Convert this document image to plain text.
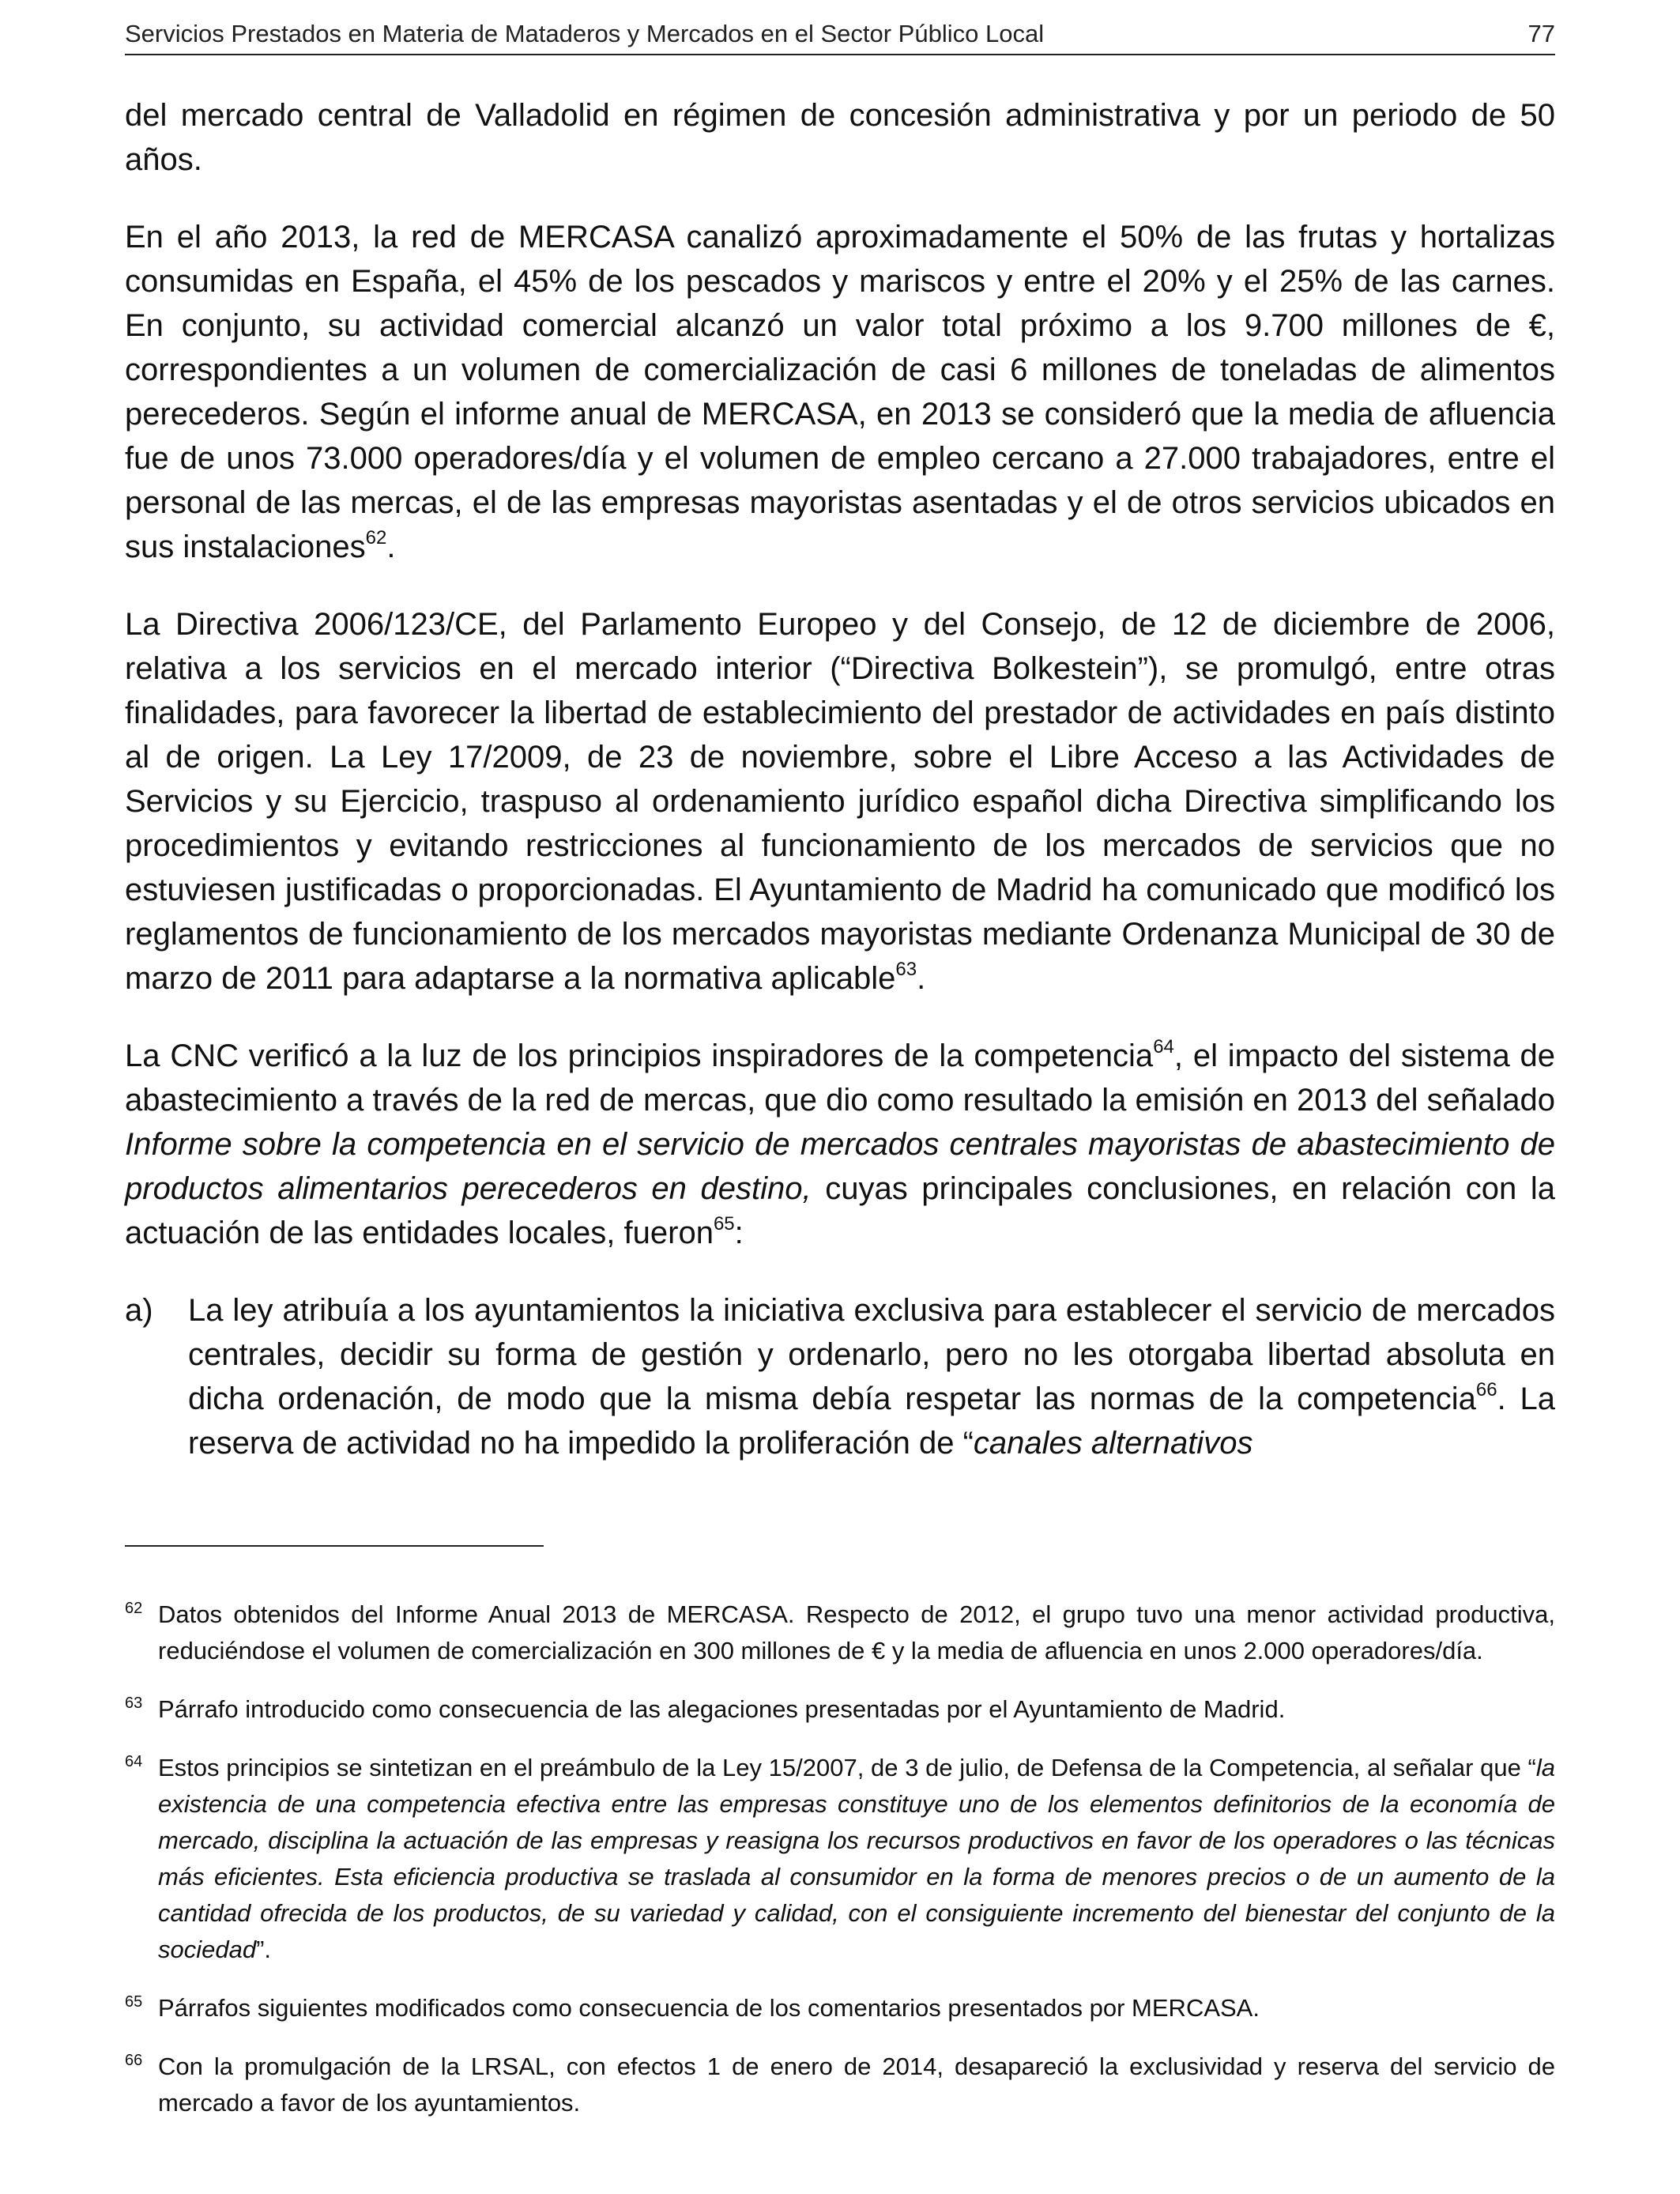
Servicios Prestados en Materia de Mataderos y Mercados en el Sector Público Local	77

del mercado central de Valladolid en régimen de concesión administrativa y por un periodo de 50 años.

En el año 2013, la red de MERCASA canalizó aproximadamente el 50% de las frutas y hortalizas consumidas en España, el 45% de los pescados y mariscos y entre el 20% y el 25% de las carnes. En conjunto, su actividad comercial alcanzó un valor total próximo a los 9.700 millones de €, correspondientes a un volumen de comercialización de casi 6 millones de toneladas de alimentos perecederos. Según el informe anual de MERCASA, en 2013 se consideró que la media de afluencia fue de unos 73.000 operadores/día y el volumen de empleo cercano a 27.000 trabajadores, entre el personal de las mercas, el de las empresas mayoristas asentadas y el de otros servicios ubicados en sus instalaciones$^{62}$.

La Directiva 2006/123/CE, del Parlamento Europeo y del Consejo, de 12 de diciembre de 2006, relativa a los servicios en el mercado interior (“Directiva Bolkestein”), se promulgó, entre otras finalidades, para favorecer la libertad de establecimiento del prestador de actividades en país distinto al de origen. La Ley 17/2009, de 23 de noviembre, sobre el Libre Acceso a las Actividades de Servicios y su Ejercicio, traspuso al ordenamiento jurídico español dicha Directiva simplificando los procedimientos y evitando restricciones al funcionamiento de los mercados de servicios que no estuviesen justificadas o proporcionadas. El Ayuntamiento de Madrid ha comunicado que modificó los reglamentos de funcionamiento de los mercados mayoristas mediante Ordenanza Municipal de 30 de marzo de 2011 para adaptarse a la normativa aplicable$^{63}$.

La CNC verificó a la luz de los principios inspiradores de la competencia$^{64}$, el impacto del sistema de abastecimiento a través de la red de mercas, que dio como resultado la emisión en 2013 del señalado Informe sobre la competencia en el servicio de mercados centrales mayoristas de abastecimiento de productos alimentarios perecederos en destino, cuyas principales conclusiones, en relación con la actuación de las entidades locales, fueron$^{65}$:

a)	La ley atribuía a los ayuntamientos la iniciativa exclusiva para establecer el servicio de mercados centrales, decidir su forma de gestión y ordenarlo, pero no les otorgaba libertad absoluta en dicha ordenación, de modo que la misma debía respetar las normas de la competencia$^{66}$. La reserva de actividad no ha impedido la proliferación de “canales alternativos
62 Datos obtenidos del Informe Anual 2013 de MERCASA. Respecto de 2012, el grupo tuvo una menor actividad productiva, reduciéndose el volumen de comercialización en 300 millones de € y la media de afluencia en unos 2.000 operadores/día.
63 Párrafo introducido como consecuencia de las alegaciones presentadas por el Ayuntamiento de Madrid.
64 Estos principios se sintetizan en el preámbulo de la Ley 15/2007, de 3 de julio, de Defensa de la Competencia, al señalar que “la existencia de una competencia efectiva entre las empresas constituye uno de los elementos definitorios de la economía de mercado, disciplina la actuación de las empresas y reasigna los recursos productivos en favor de los operadores o las técnicas más eficientes. Esta eficiencia productiva se traslada al consumidor en la forma de menores precios o de un aumento de la cantidad ofrecida de los productos, de su variedad y calidad, con el consiguiente incremento del bienestar del conjunto de la sociedad”.
65 Párrafos siguientes modificados como consecuencia de los comentarios presentados por MERCASA.
66 Con la promulgación de la LRSAL, con efectos 1 de enero de 2014, desapareció la exclusividad y reserva del servicio de mercado a favor de los ayuntamientos.
